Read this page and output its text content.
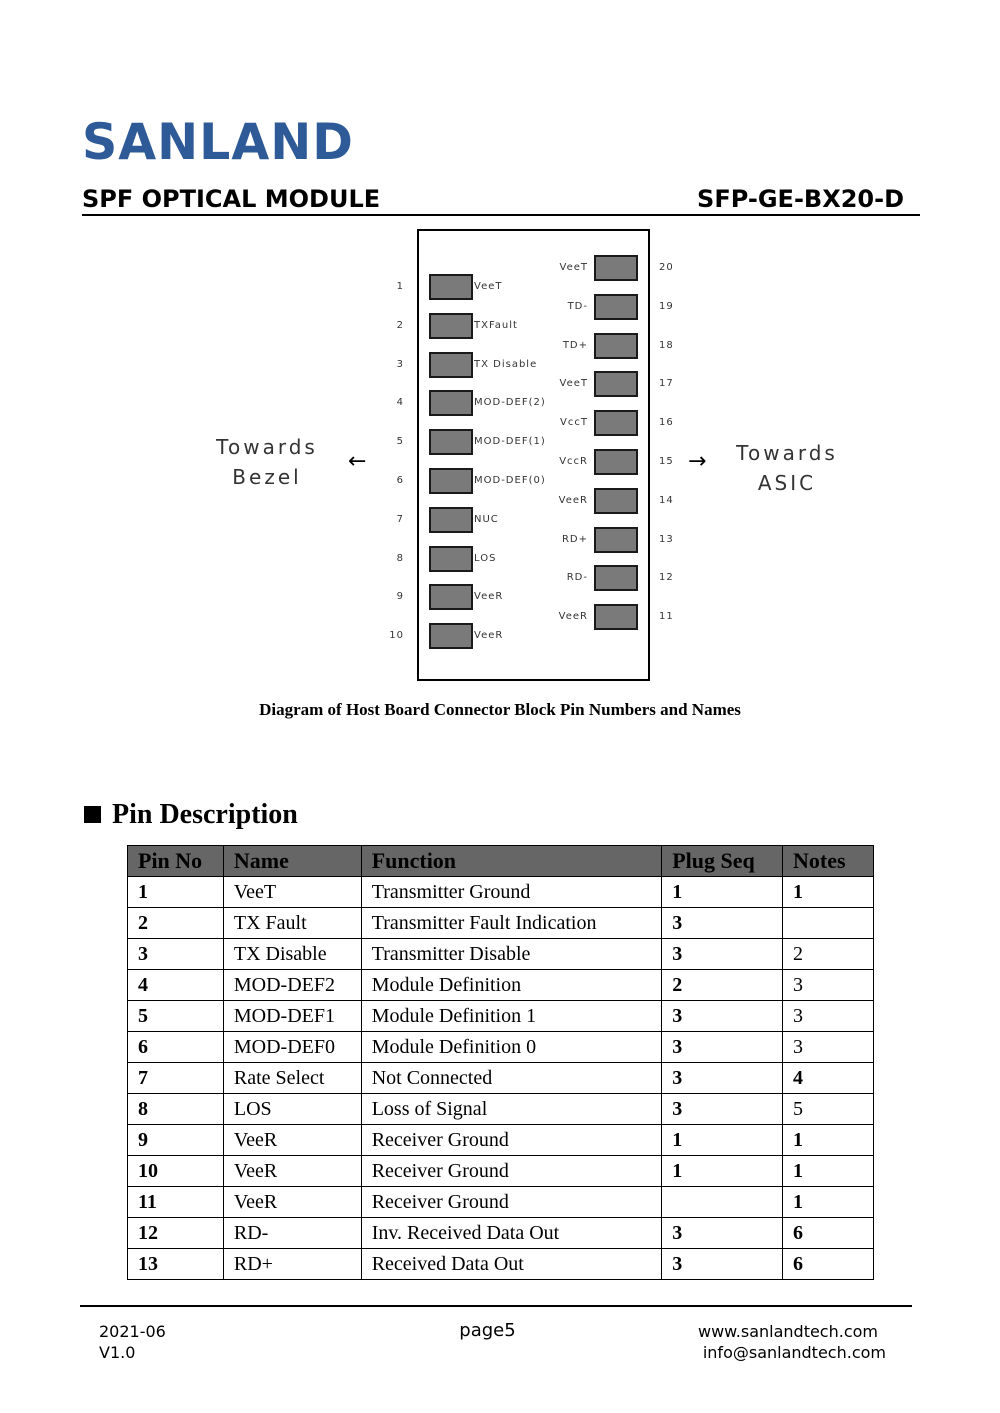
SANLAND
SPF OPTICAL MODULE	SFP-GE-BX20-D
Towards
Bezel
←	Towards
ASIC
→
1	VeeT
2	TXFault
3	TX Disable
4	MOD-DEF(2)
5	MOD-DEF(1)
6	MOD-DEF(0)
7	NUC
8	LOS
9	VeeR
10	VeeR
20
VeeT
19
TD-
18
TD+
17
VeeT
16
VccT
15
VccR
14
VeeR
13
RD+
12
RD-
11
VeeR
Diagram of Host Board Connector Block Pin Numbers and Names
Pin Description
Pin No	Name	Function	Plug Seq	Notes
1	VeeT	Transmitter Ground	1	1
2	TX Fault	Transmitter Fault Indication	3	
3	TX Disable	Transmitter Disable	3	2
4	MOD-DEF2	Module Definition	2	3
5	MOD-DEF1	Module Definition 1	3	3
6	MOD-DEF0	Module Definition 0	3	3
7	Rate Select	Not Connected	3	4
8	LOS	Loss of Signal	3	5
9	VeeR	Receiver Ground	1	1
10	VeeR	Receiver Ground	1	1
11	VeeR	Receiver Ground		1
12	RD-	Inv. Received Data Out	3	6
13	RD+	Received Data Out	3	6
2021-06
V1.0
page5	www.sanlandtech.com
info@sanlandtech.com
